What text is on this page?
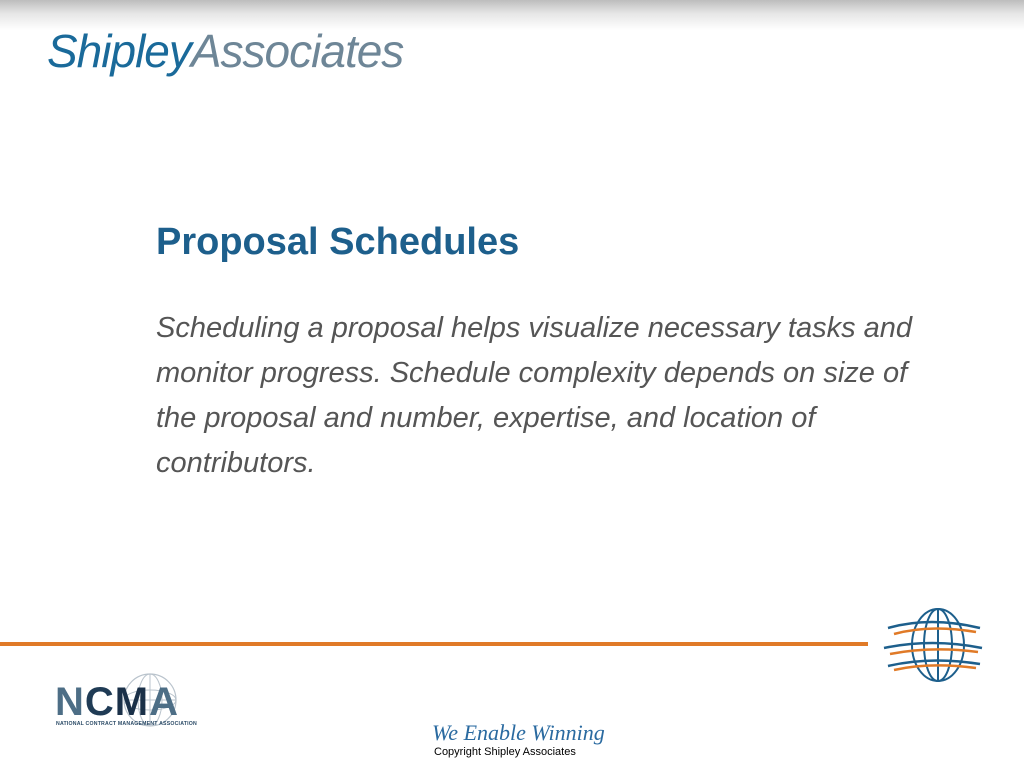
ShipleyAssociates
Proposal Schedules

Scheduling a proposal helps visualize necessary tasks and monitor progress. Schedule complexity depends on size of the proposal and number, expertise, and location of contributors.

NCMA
NATIONAL CONTRACT MANAGEMENT ASSOCIATION	We Enable Winning
Copyright Shipley Associates
